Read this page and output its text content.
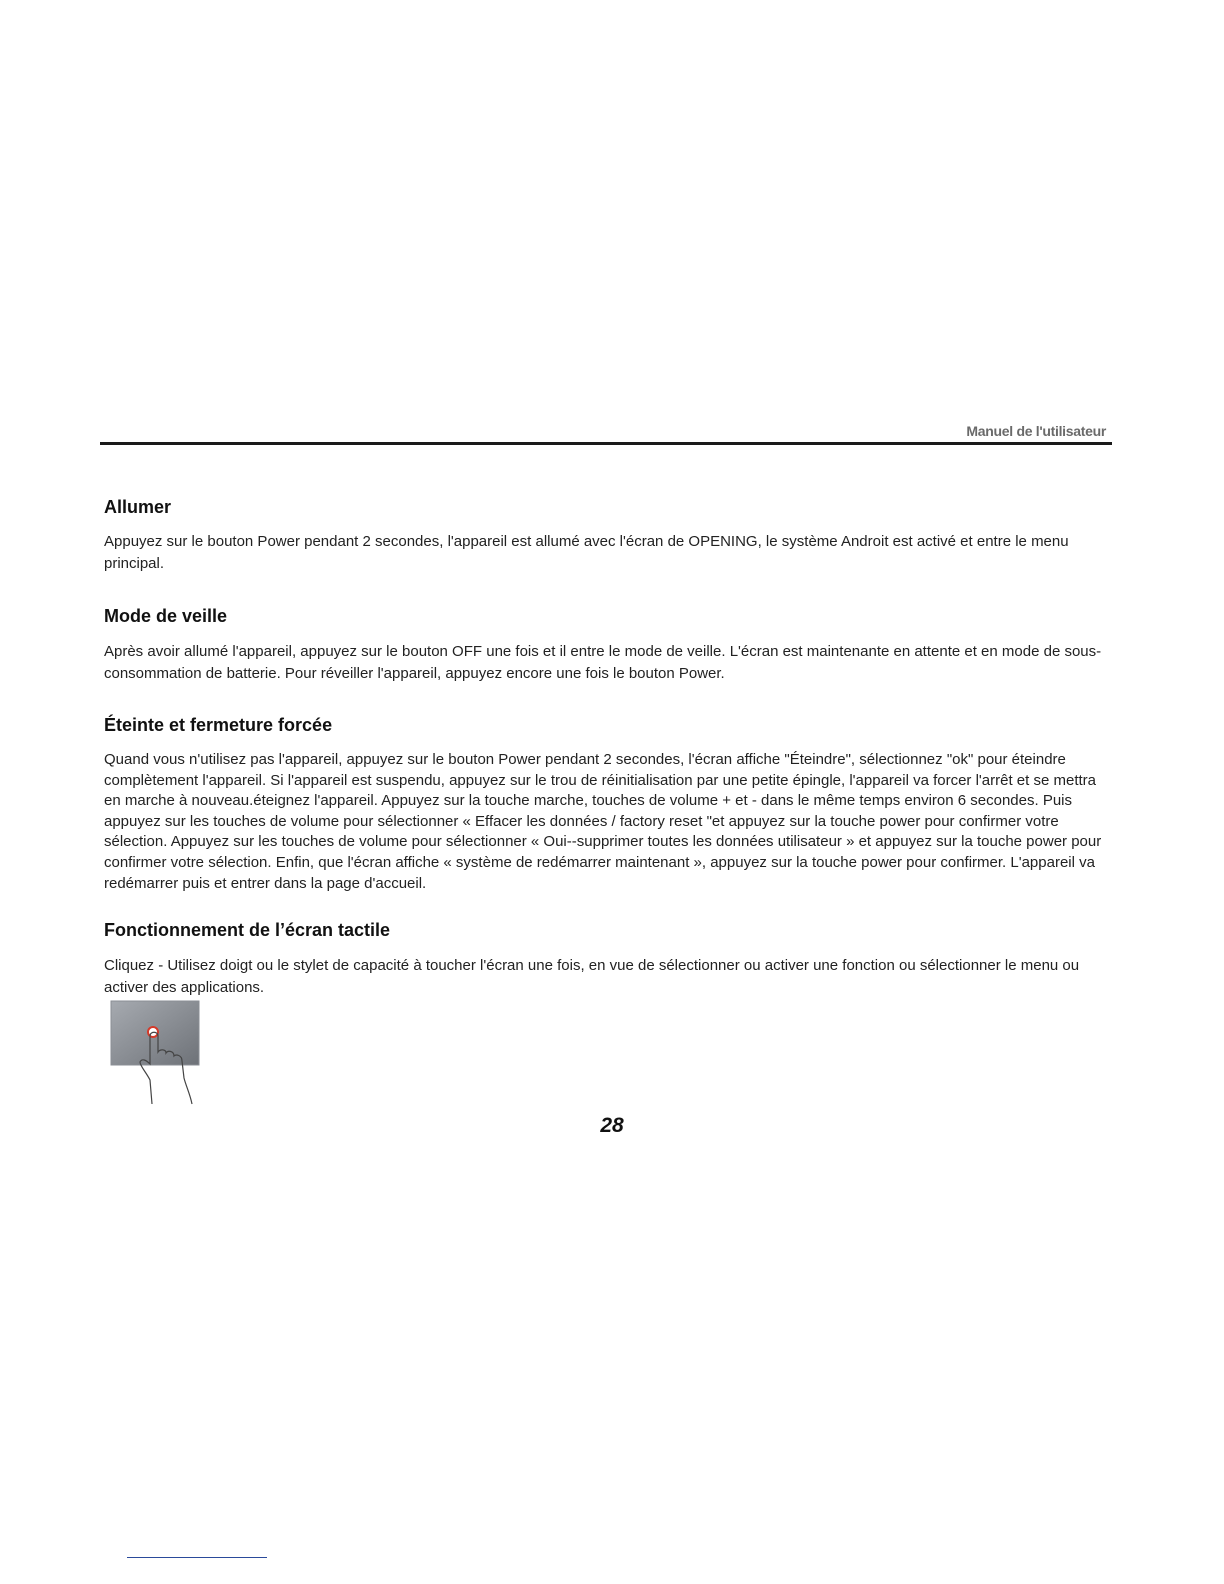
Manuel de l'utilisateur
Allumer

Appuyez sur le bouton Power pendant 2 secondes, l'appareil est allumé avec l'écran de OPENING, le système Androit est activé et entre le menu principal.

Mode de veille

Après avoir allumé l'appareil, appuyez sur le bouton OFF une fois et il entre le mode de veille. L'écran est maintenante en attente et en mode de sous-consommation de batterie. Pour réveiller l'appareil, appuyez encore une fois le bouton Power.

Éteinte et fermeture forcée

Quand vous n'utilisez pas l'appareil, appuyez sur le bouton Power pendant 2 secondes, l'écran affiche "Éteindre", sélectionnez "ok" pour éteindre complètement l'appareil. Si l'appareil est suspendu, appuyez sur le trou de réinitialisation par une petite épingle, l'appareil va forcer l'arrêt et se mettra en marche à nouveau.éteignez l'appareil. Appuyez sur la touche marche, touches de volume + et - dans le même temps environ 6 secondes. Puis appuyez sur les touches de volume pour sélectionner « Effacer les données / factory reset "et appuyez sur la touche power pour confirmer votre sélection. Appuyez sur les touches de volume pour sélectionner « Oui--supprimer toutes les données utilisateur » et appuyez sur la touche power pour confirmer votre sélection. Enfin, que l'écran affiche « système de redémarrer maintenant », appuyez sur la touche power pour confirmer. L'appareil va redémarrer puis et entrer dans la page d'accueil.

Fonctionnement de l’écran tactile

Cliquez - Utilisez doigt ou le stylet de capacité à toucher l'écran une fois, en vue de sélectionner ou activer une fonction ou sélectionner le menu ou activer des applications.

28
